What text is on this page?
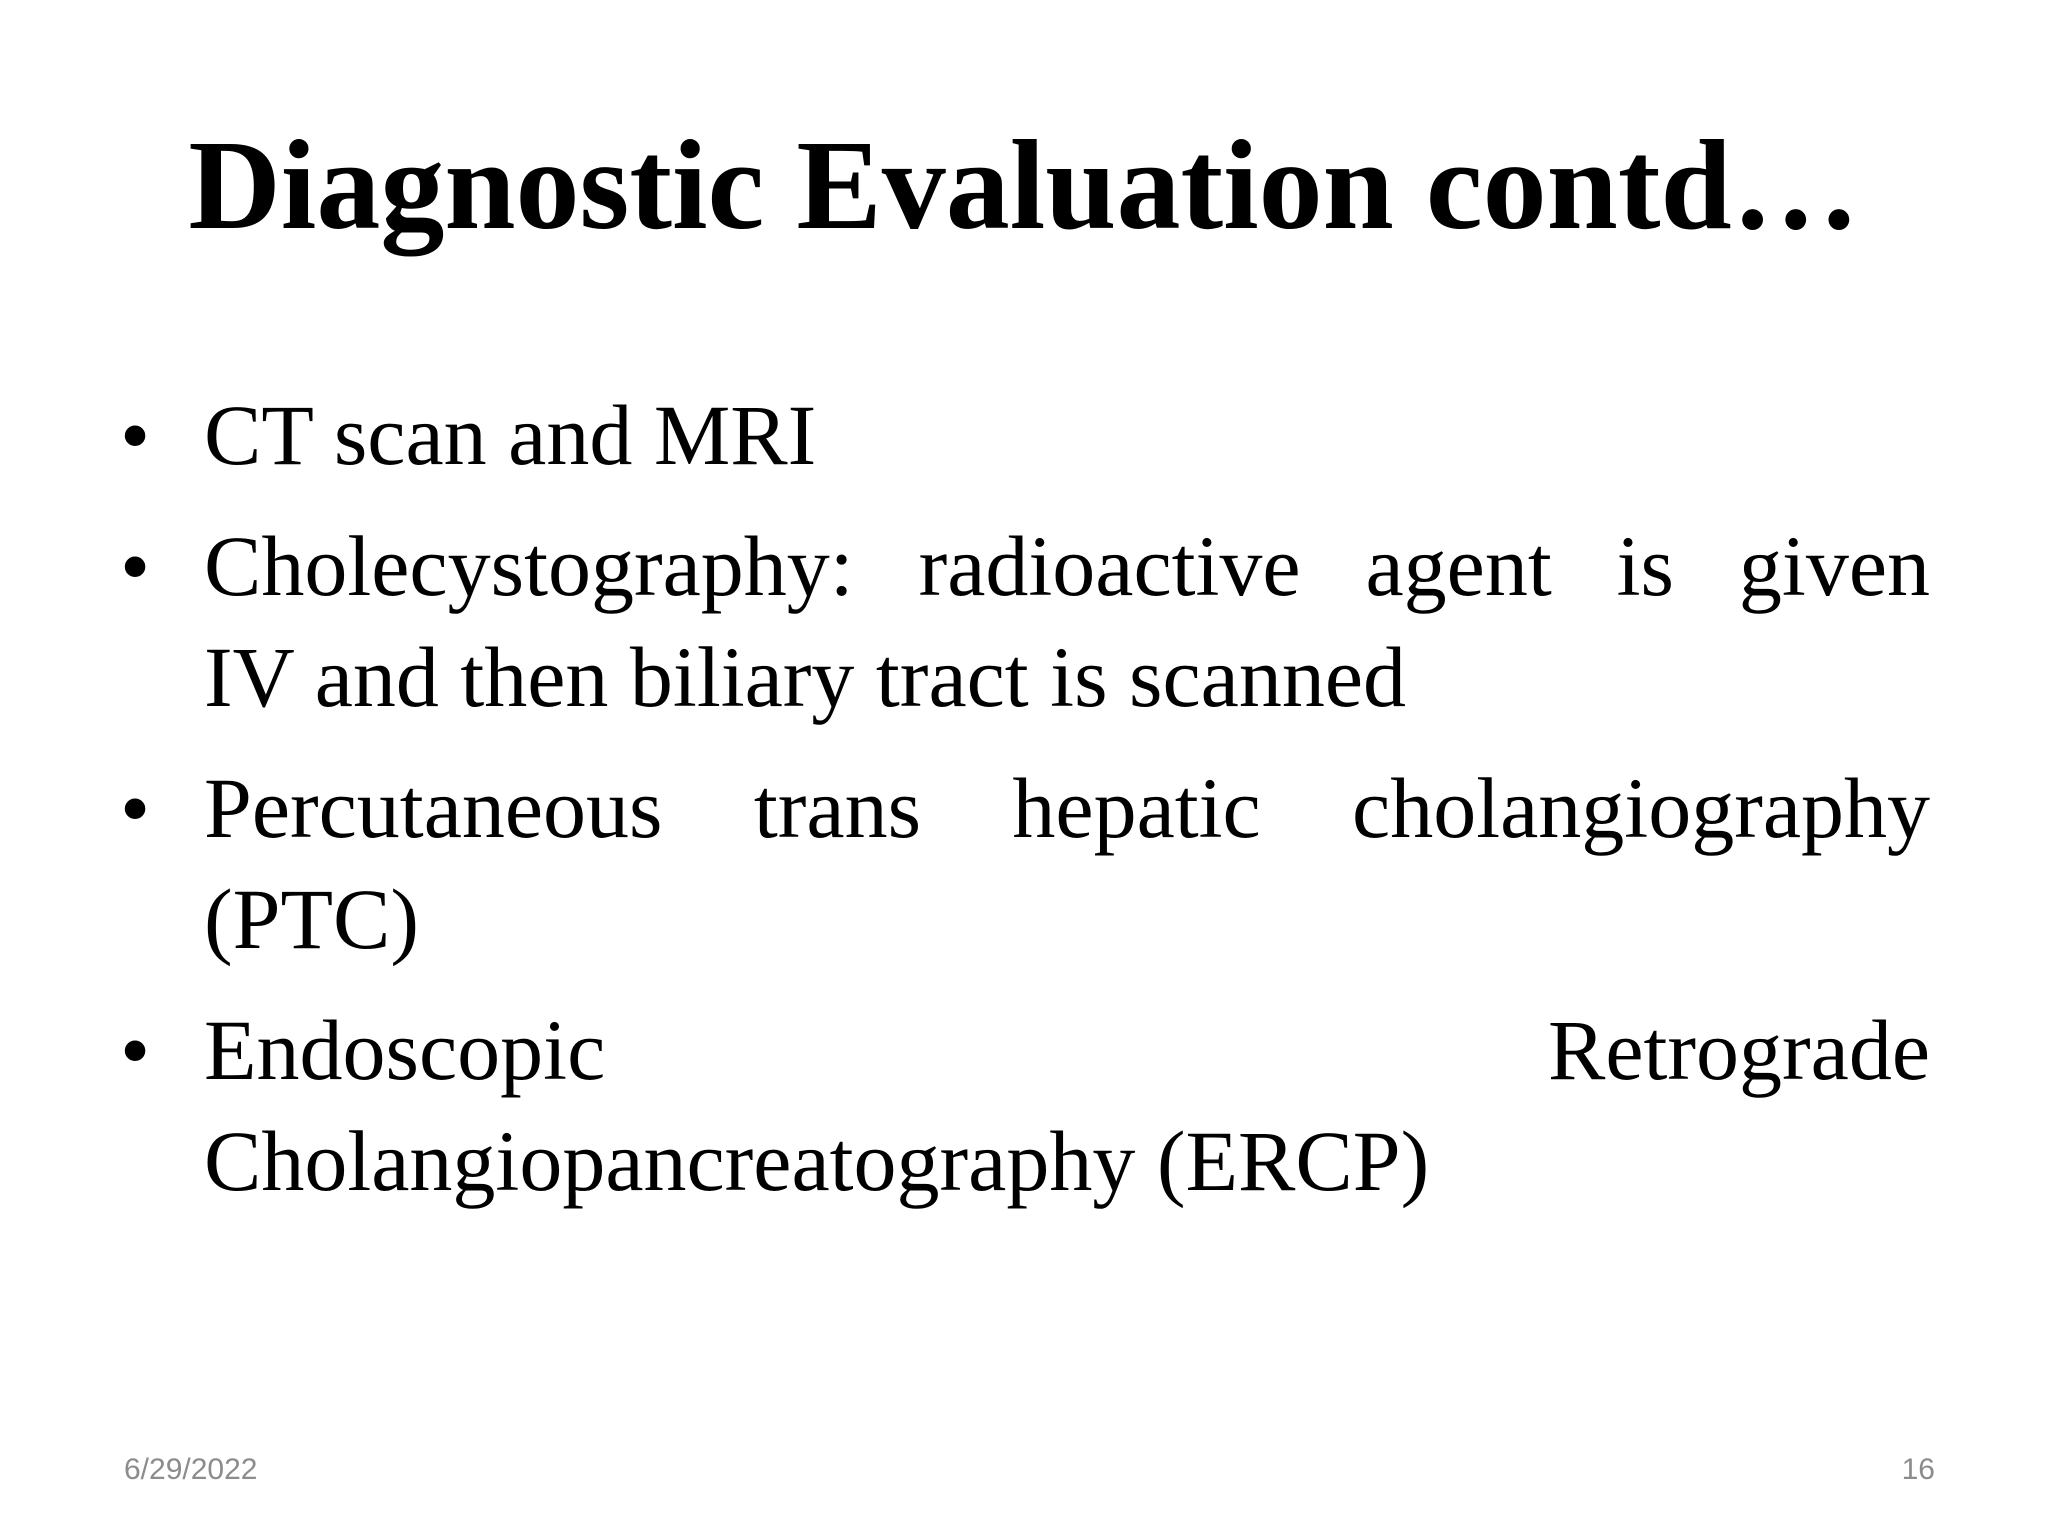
Diagnostic Evaluation contd…
• CT scan and MRI
• Cholecystography: radioactive agent is given
IV and then biliary tract is scanned
• Percutaneous trans hepatic cholangiography
(PTC)
• Endoscopic Retrograde
Cholangiopancreatography (ERCP)
6/29/2022	16
